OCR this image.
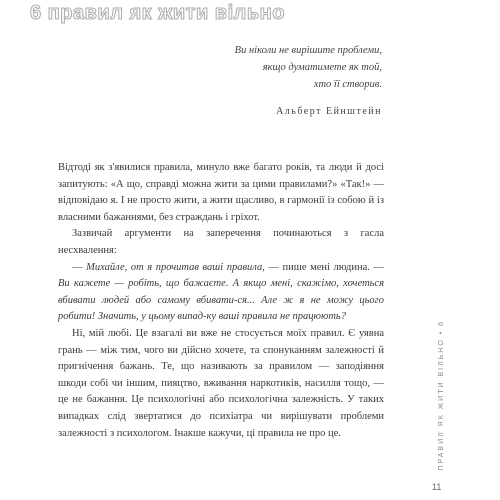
6 правил як жити вільно
Ви ніколи не вирішите проблеми,
якщо думатимете як той,
хто її створив.
Альберт Ейнштейн

Відтоді як з'явилися правила, минуло вже багато років, та люди й досі запитують: «А що, справді можна жити за цими правилами?» «Так!» — відповідаю я. І не просто жити, а жити щасливо, в гармонії із собою й із власними бажаннями, без страждань і гріхот.

Зазвичай аргументи на заперечення починаються з гасла несхвалення:

— Михайле, от я прочитав ваші правила, — пише мені людина. — Ви кажете — робіть, що бажаєте. А якщо мені, скажімо, хочеться вбивати людей або самому вбивати-ся... Але ж я не можу цього робити! Значить, у цьому випад-ку ваші правила не працюють?

Ні, мій любі. Це взагалі ви вже не стосується моїх правил. Є уявна грань — між тим, чого ви дійсно хочете, та спонуканням залежності й пригнічення бажань. Те, що називають за правилом — заподіяння шкоди собі чи іншим, пияцтво, вживання наркотиків, насилля тощо, — це не бажання. Це психологічні або психологічна залежність. У таких випадках слід звертатися до психіатра чи вирішувати проблеми залежності з психологом. Інакше кажучи, ці правила не про це.	ПРАВИЛ ЯК ЖИТИ ВІЛЬНО • 6
11
